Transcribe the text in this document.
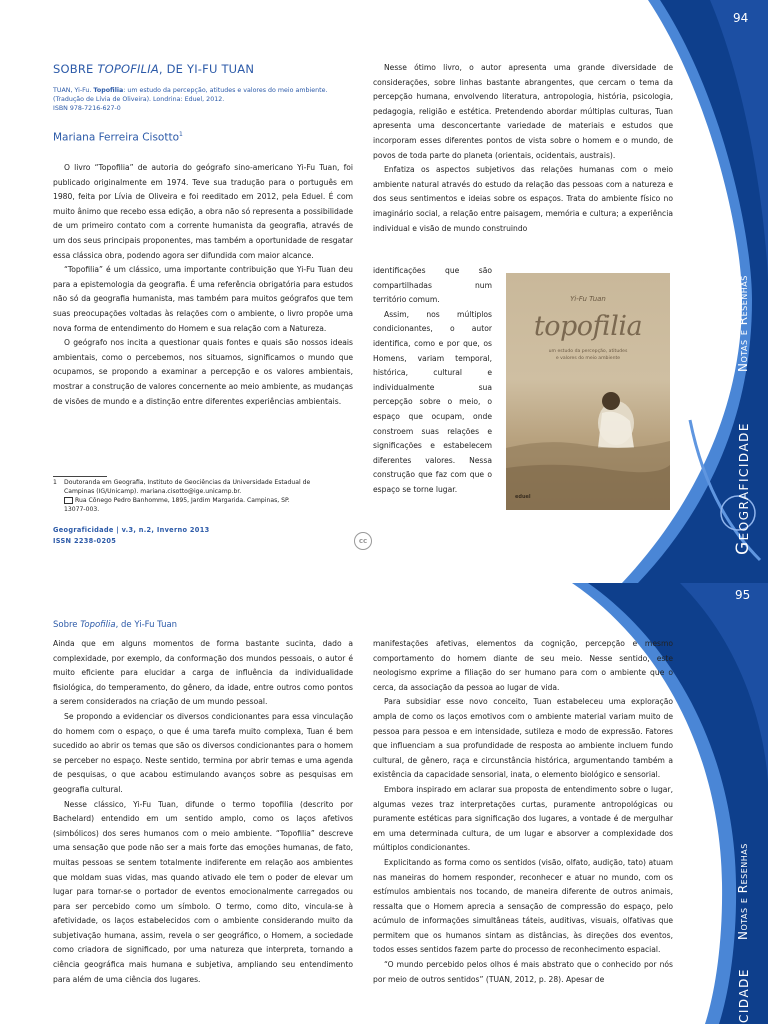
94
Geograficidade
Notas e Resenhas
SOBRE TOPOFILIA, DE YI-FU TUAN
TUAN, Yi-Fu. Topofilia: um estudo da percepção, atitudes e valores do meio ambiente.
(Tradução de Lívia de Oliveira). Londrina: Eduel, 2012.
ISBN 978-7216-627-0
Mariana Ferreira Cisotto$^1$

O livro “Topofilia” de autoria do geógrafo sino-americano Yi-Fu Tuan, foi publicado originalmente em 1974. Teve sua tradução para o português em 1980, feita por Lívia de Oliveira e foi reeditado em 2012, pela Eduel. É com muito ânimo que recebo essa edição, a obra não só representa a possibilidade de um primeiro contato com a corrente humanista da geografia, através de um dos seus principais proponentes, mas também a oportunidade de resgatar essa clássica obra, podendo agora ser difundida com maior alcance.

“Topofilia” é um clássico, uma importante contribuição que Yi-Fu Tuan deu para a epistemologia da geografia. É uma referência obrigatória para estudos não só da geografia humanista, mas também para muitos geógrafos que tem suas preocupações voltadas às relações com o ambiente, o livro propõe uma nova forma de entendimento do Homem e sua relação com a Natureza.

O geógrafo nos incita a questionar quais fontes e quais são nossos ideais ambientais, como o percebemos, nos situamos, significamos o mundo que ocupamos, se propondo a examinar a percepção e os valores ambientais, mostrar a construção de valores concernente ao meio ambiente, as mudanças de visões de mundo e a distinção entre diferentes experiências ambientais.

1 Doutoranda em Geografia, Instituto de Geociências da Universidade Estadual de
Campinas (IG/Unicamp). mariana.cisotto@ige.unicamp.br.
Rua Cônego Pedro Banhomme, 1895, Jardim Margarida. Campinas, SP.
13077-003.
Geograficidade | v.3, n.2, Inverno 2013
ISSN 2238-0205	cc

Nesse ótimo livro, o autor apresenta uma grande diversidade de considerações, sobre linhas bastante abrangentes, que cercam o tema da percepção humana, envolvendo literatura, antropologia, história, psicologia, pedagogia, religião e estética. Pretendendo abordar múltiplas culturas, Tuan apresenta uma desconcertante variedade de materiais e estudos que incorporam esses diferentes pontos de vista sobre o homem e o mundo, de povos de toda parte do planeta (orientais, ocidentais, austrais).

Enfatiza os aspectos subjetivos das relações humanas com o meio ambiente natural através do estudo da relação das pessoas com a natureza e dos seus sentimentos e ideias sobre os espaços. Trata do ambiente físico no imaginário social, a relação entre paisagem, memória e cultura; a experiência individual e visão de mundo construindo

identificações que são
compartilhadas num
território comum.

Assim, nos múltiplos condicionantes, o autor identifica, como e por que, os Homens, variam temporal, histórica, cultural e individualmente sua percepção sobre o meio, o espaço que ocupam, onde constroem suas relações e significações e estabelecem diferentes valores. Nessa construção que faz com que o espaço se torne lugar.

Yi-Fu Tuan
topofilia
um estudo da percepção, atitudes
e valores do meio ambiente
eduel
95
cidade
Notas e Resenhas
Sobre Topofilia, de Yi-Fu Tuan

Ainda que em alguns momentos de forma bastante sucinta, dado a complexidade, por exemplo, da conformação dos mundos pessoais, o autor é muito eficiente para elucidar a carga de influência da individualidade fisiológica, do temperamento, do gênero, da idade, entre outros como pontos a serem considerados na criação de um mundo pessoal.

Se propondo a evidenciar os diversos condicionantes para essa vinculação do homem com o espaço, o que é uma tarefa muito complexa, Tuan é bem sucedido ao abrir os temas que são os diversos condicionantes para o homem se perceber no espaço. Neste sentido, termina por abrir temas e uma agenda de pesquisas, o que acabou estimulando avanços sobre as pesquisas em geografia cultural.

Nesse clássico, Yi-Fu Tuan, difunde o termo topofilia (descrito por Bachelard) entendido em um sentido amplo, como os laços afetivos (simbólicos) dos seres humanos com o meio ambiente. “Topofilia” descreve uma sensação que pode não ser a mais forte das emoções humanas, de fato, muitas pessoas se sentem totalmente indiferente em relação aos ambientes que moldam suas vidas, mas quando ativado ele tem o poder de elevar um lugar para tornar-se o portador de eventos emocionalmente carregados ou para ser percebido como um símbolo. O termo, como dito, vincula-se à afetividade, os laços estabelecidos com o ambiente considerando muito da subjetivação humana, assim, revela o ser geográfico, o Homem, a sociedade como criadora de significado, por uma natureza que interpreta, tornando a ciência geográfica mais humana e subjetiva, ampliando seu entendimento para além de uma ciência dos lugares.

manifestações afetivas, elementos da cognição, percepção e mesmo comportamento do homem diante de seu meio. Nesse sentido, este neologismo exprime a filiação do ser humano para com o ambiente que o cerca, da associação da pessoa ao lugar de vida.

Para subsidiar esse novo conceito, Tuan estabeleceu uma exploração ampla de como os laços emotivos com o ambiente material variam muito de pessoa para pessoa e em intensidade, sutileza e modo de expressão. Fatores que influenciam a sua profundidade de resposta ao ambiente incluem fundo cultural, de gênero, raça e circunstância histórica, argumentando também a existência da capacidade sensorial, inata, o elemento biológico e sensorial.

Embora inspirado em aclarar sua proposta de entendimento sobre o lugar, algumas vezes traz interpretações curtas, puramente antropológicas ou puramente estéticas para significação dos lugares, a vontade é de mergulhar em uma determinada cultura, de um lugar e absorver a complexidade dos múltiplos condicionantes.

Explicitando as forma como os sentidos (visão, olfato, audição, tato) atuam nas maneiras do homem responder, reconhecer e atuar no mundo, com os estímulos ambientais nos tocando, de maneira diferente de outros animais, ressalta que o Homem aprecia a sensação de compressão do espaço, pelo acúmulo de informações simultâneas táteis, auditivas, visuais, olfativas que permitem que os humanos sintam as distâncias, às direções dos eventos, todos esses sentidos fazem parte do processo de reconhecimento espacial.

“O mundo percebido pelos olhos é mais abstrato que o conhecido por nós por meio de outros sentidos” (TUAN, 2012, p. 28). Apesar de
